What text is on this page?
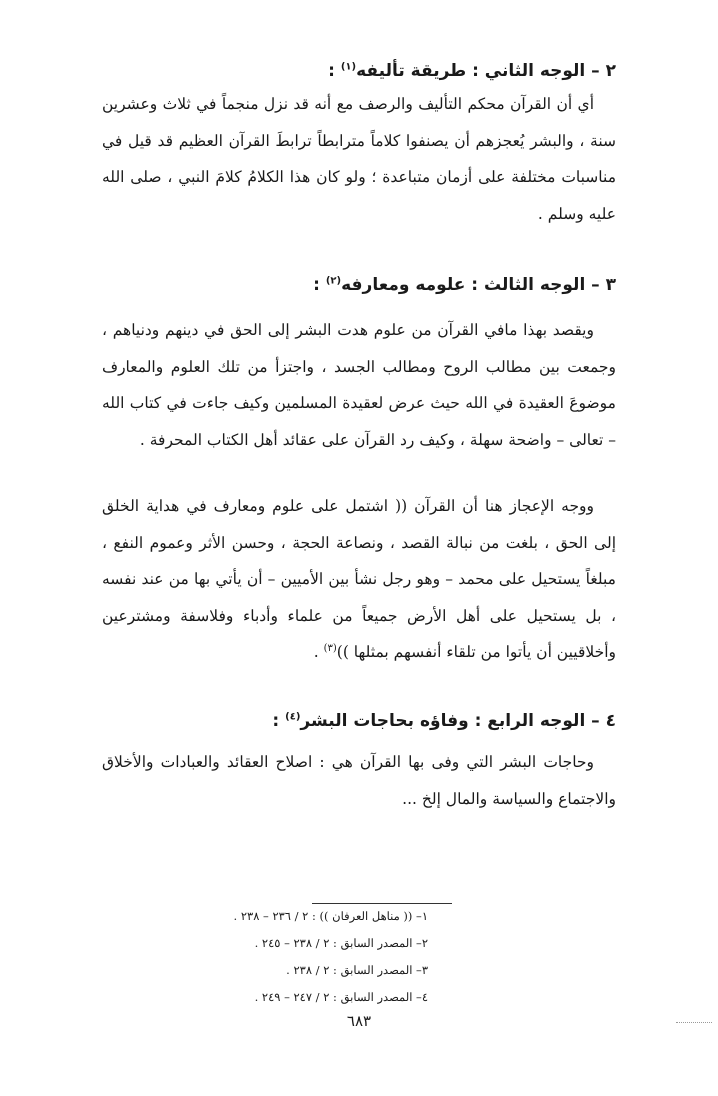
٢ – الوجه الثاني : طريقة تأليفه$^{(١)}$ :

أي أن القرآن محكم التأليف والرصف مع أنه قد نزل منجماً في ثلاث وعشرين سنة ، والبشر يُعجزهم أن يصنفوا كلاماً مترابطاً ترابطَ القرآن العظيم قد قيل في مناسبات مختلفة على أزمان متباعدة ؛ ولو كان هذا الكلامُ كلامَ النبي ، صلى الله عليه وسلم .

٣ – الوجه الثالث : علومه ومعارفه$^{(٢)}$ :

ويقصد بهذا مافي القرآن من علوم هدت البشر إلى الحق في دينهم ودنياهم ، وجمعت بين مطالب الروح ومطالب الجسد ، واجتزأ من تلك العلوم والمعارف موضوعَ العقيدة في الله حيث عرض لعقيدة المسلمين وكيف جاءت في كتاب الله – تعالى – واضحة سهلة ، وكيف رد القرآن على عقائد أهل الكتاب المحرفة .

ووجه الإعجاز هنا أن القرآن (( اشتمل على علوم ومعارف في هداية الخلق إلى الحق ، بلغت من نبالة القصد ، ونصاعة الحجة ، وحسن الأثر وعموم النفع ، مبلغاً يستحيل على محمد – وهو رجل نشأ بين الأميين – أن يأتي بها من عند نفسه ، بل يستحيل على أهل الأرض جميعاً من علماء وأدباء وفلاسفة ومشترعين وأخلاقيين أن يأتوا من تلقاء أنفسهم بمثلها ))$^{(٣)}$ .

٤ – الوجه الرابع : وفاؤه بحاجات البشر$^{(٤)}$ :

وحاجات البشر التي وفى بها القرآن هي : اصلاح العقائد والعبادات والأخلاق والاجتماع والسياسة والمال إلخ ...

١– (( مناهل العرفان )) : ٢ / ٢٣٦ – ٢٣٨ .
٢– المصدر السابق : ٢ / ٢٣٨ – ٢٤٥ .
٣– المصدر السابق : ٢ / ٢٣٨ .
٤– المصدر السابق : ٢ / ٢٤٧ – ٢٤٩ .
٦٨٣
